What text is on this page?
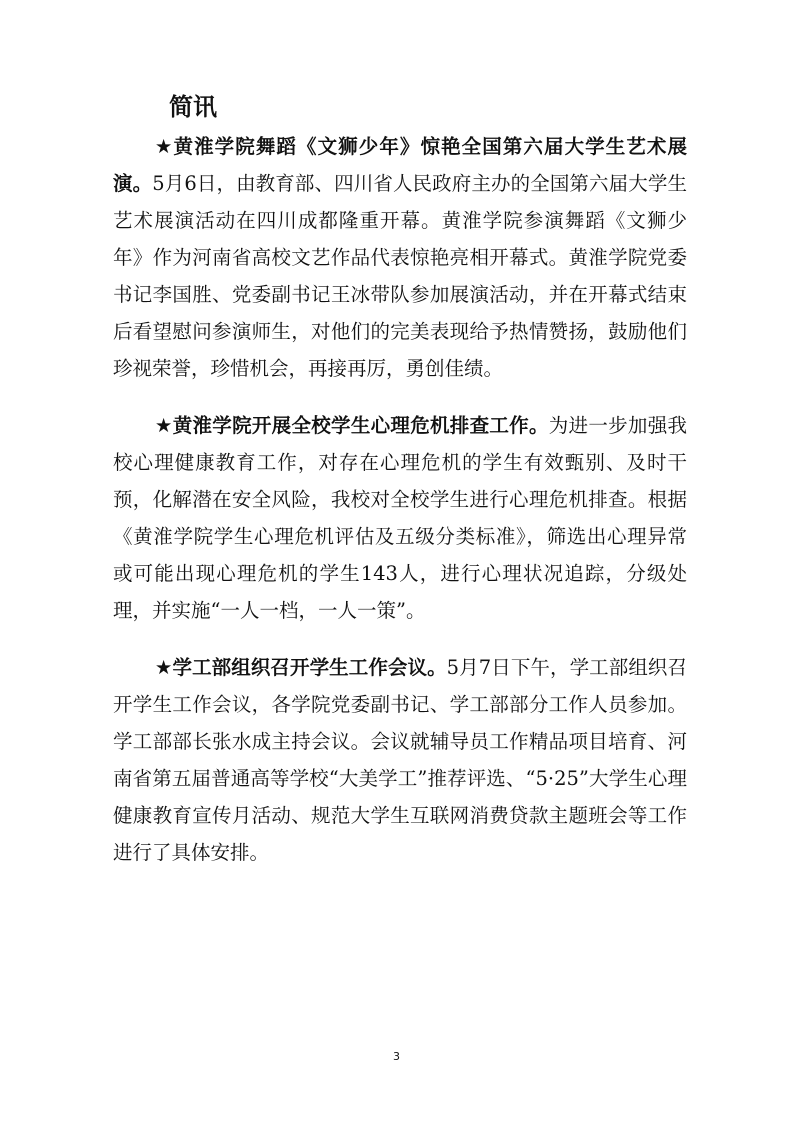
简讯

★黄淮学院舞蹈《文狮少年》惊艳全国第六届大学生艺术展演。5月6日，由教育部、四川省人民政府主办的全国第六届大学生艺术展演活动在四川成都隆重开幕。黄淮学院参演舞蹈《文狮少年》作为河南省高校文艺作品代表惊艳亮相开幕式。黄淮学院党委书记李国胜、党委副书记王冰带队参加展演活动，并在开幕式结束后看望慰问参演师生，对他们的完美表现给予热情赞扬，鼓励他们珍视荣誉，珍惜机会，再接再厉，勇创佳绩。

★黄淮学院开展全校学生心理危机排查工作。为进一步加强我校心理健康教育工作，对存在心理危机的学生有效甄别、及时干预，化解潜在安全风险，我校对全校学生进行心理危机排查。根据《黄淮学院学生心理危机评估及五级分类标准》，筛选出心理异常或可能出现心理危机的学生143人，进行心理状况追踪，分级处理，并实施“一人一档，一人一策”。

★学工部组织召开学生工作会议。5月7日下午，学工部组织召开学生工作会议，各学院党委副书记、学工部部分工作人员参加。学工部部长张水成主持会议。会议就辅导员工作精品项目培育、河南省第五届普通高等学校“大美学工”推荐评选、“5·25”大学生心理健康教育宣传月活动、规范大学生互联网消费贷款主题班会等工作进行了具体安排。

3
